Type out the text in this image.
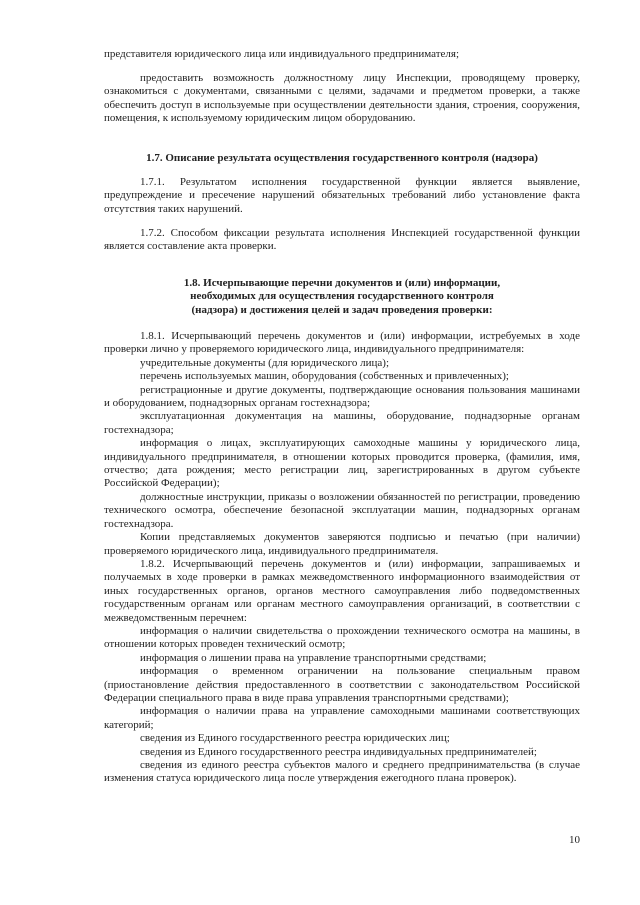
представителя юридического лица или индивидуального предпринимателя;

предоставить возможность должностному лицу Инспекции, проводящему проверку, ознакомиться с документами, связанными с целями, задачами и предметом проверки, а также обеспечить доступ в используемые при осуществлении деятельности здания, строения, сооружения, помещения, к используемому юридическим лицом оборудованию.

1.7. Описание результата осуществления государственного контроля (надзора)

1.7.1. Результатом исполнения государственной функции является выявление, предупреждение и пресечение нарушений обязательных требований либо установление факта отсутствия таких нарушений.

1.7.2. Способом фиксации результата исполнения Инспекцией государственной функции является составление акта проверки.

1.8. Исчерпывающие перечни документов и (или) информации,

необходимых для осуществления государственного контроля

(надзора) и достижения целей и задач проведения проверки:

1.8.1. Исчерпывающий перечень документов и (или) информации, истребуемых в ходе проверки лично у проверяемого юридического лица, индивидуального предпринимателя:

учредительные документы (для юридического лица);

перечень используемых машин, оборудования (собственных и привлеченных);

регистрационные и другие документы, подтверждающие основания пользования машинами и оборудованием, поднадзорных органам гостехнадзора;

эксплуатационная документация на машины, оборудование, поднадзорные органам гостехнадзора;

информация о лицах, эксплуатирующих самоходные машины у юридического лица, индивидуального предпринимателя, в отношении которых проводится проверка, (фамилия, имя, отчество; дата рождения; место регистрации лиц, зарегистрированных в другом субъекте Российской Федерации);

должностные инструкции, приказы о возложении обязанностей по регистрации, проведению технического осмотра, обеспечение безопасной эксплуатации машин, поднадзорных органам гостехнадзора.

Копии представляемых документов заверяются подписью и печатью (при наличии) проверяемого юридического лица, индивидуального предпринимателя.

1.8.2. Исчерпывающий перечень документов и (или) информации, запрашиваемых и получаемых в ходе проверки в рамках межведомственного информационного взаимодействия от иных государственных органов, органов местного самоуправления либо подведомственных государственным органам или органам местного самоуправления организаций, в соответствии с межведомственным перечнем:

информация о наличии свидетельства о прохождении технического осмотра на машины, в отношении которых проведен технический осмотр;

информация о лишении права на управление транспортными средствами;

информация о временном ограничении на пользование специальным правом (приостановление действия предоставленного в соответствии с законодательством Российской Федерации специального права в виде права управления транспортными средствами);

информация о наличии права на управление самоходными машинами соответствующих категорий;

сведения из Единого государственного реестра юридических лиц;

сведения из Единого государственного реестра индивидуальных предпринимателей;

сведения из единого реестра субъектов малого и среднего предпринимательства (в случае изменения статуса юридического лица после утверждения ежегодного плана проверок).

10
